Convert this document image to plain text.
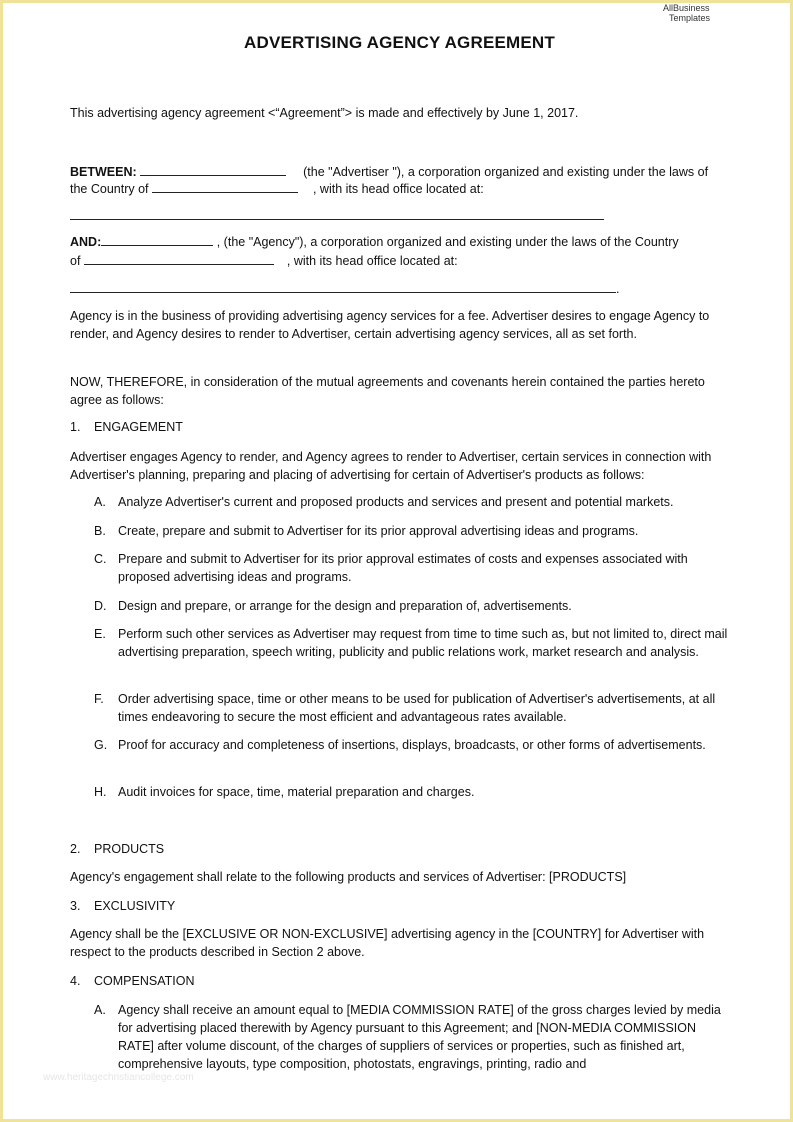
AllBusiness
Templates
ADVERTISING AGENCY AGREEMENT
This advertising agency agreement <“Agreement”> is made and effectively by June 1, 2017.
BETWEEN:	(the "Advertiser "), a corporation organized and existing under the laws of
the Country of	, with its head office located at:
AND:	, (the "Agency"), a corporation organized and existing under the laws of the Country
of	, with its head office located at:
.
Agency is in the business of providing advertising agency services for a fee. Advertiser desires to engage Agency to render, and Agency desires to render to Advertiser, certain advertising agency services, all as set forth.
NOW, THEREFORE, in consideration of the mutual agreements and covenants herein contained the parties hereto agree as follows:
1. ENGAGEMENT
Advertiser engages Agency to render, and Agency agrees to render to Advertiser, certain services in connection with Advertiser's planning, preparing and placing of advertising for certain of Advertiser's products as follows:
A. Analyze Advertiser's current and proposed products and services and present and potential markets.
B. Create, prepare and submit to Advertiser for its prior approval advertising ideas and programs.
C. Prepare and submit to Advertiser for its prior approval estimates of costs and expenses associated with proposed advertising ideas and programs.
D. Design and prepare, or arrange for the design and preparation of, advertisements.
E. Perform such other services as Advertiser may request from time to time such as, but not limited to, direct mail advertising preparation, speech writing, publicity and public relations work, market research and analysis.
F. Order advertising space, time or other means to be used for publication of Advertiser's advertisements, at all times endeavoring to secure the most efficient and advantageous rates available.
G. Proof for accuracy and completeness of insertions, displays, broadcasts, or other forms of advertisements.
H. Audit invoices for space, time, material preparation and charges.
2. PRODUCTS
Agency's engagement shall relate to the following products and services of Advertiser: [PRODUCTS]
3. EXCLUSIVITY
Agency shall be the [EXCLUSIVE OR NON-EXCLUSIVE] advertising agency in the [COUNTRY] for Advertiser with respect to the products described in Section 2 above.
4. COMPENSATION
A. Agency shall receive an amount equal to [MEDIA COMMISSION RATE] of the gross charges levied by media for advertising placed therewith by Agency pursuant to this Agreement; and [NON-MEDIA COMMISSION RATE] after volume discount, of the charges of suppliers of services or properties, such as finished art, comprehensive layouts, type composition, photostats, engravings, printing, radio and
www.heritagechristiancollege.com
